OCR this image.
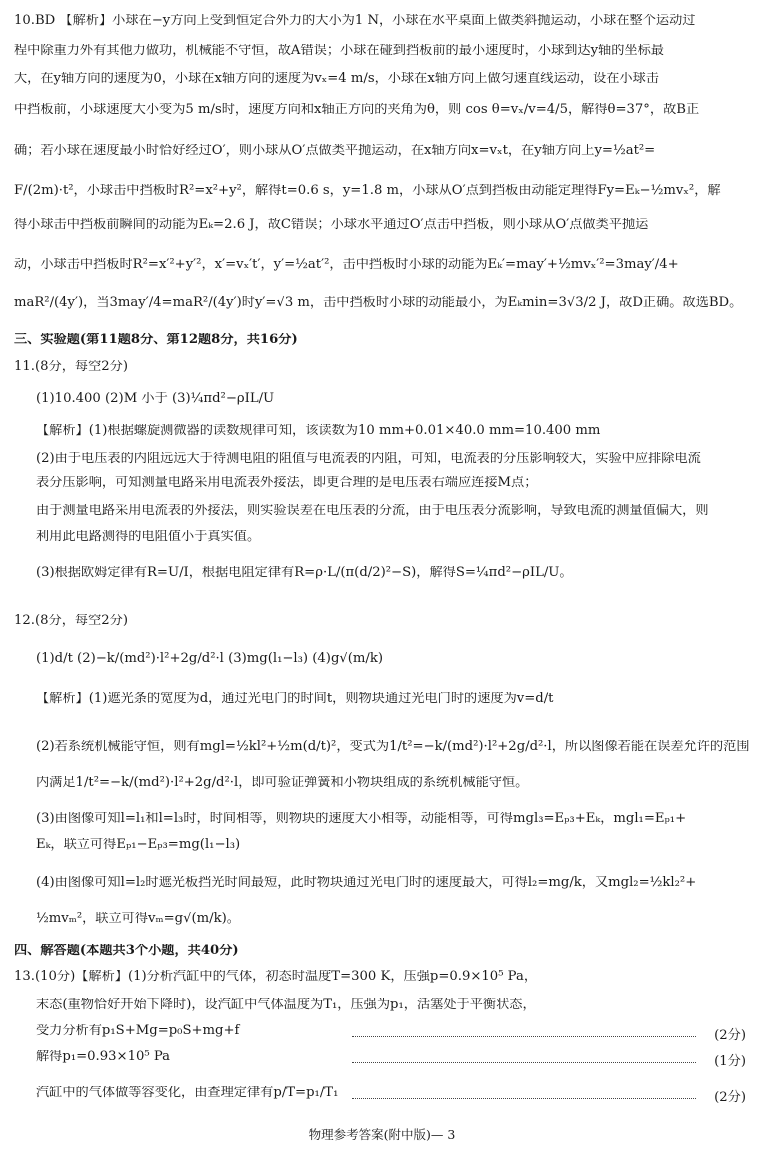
10.BD 【解析】小球在−y方向上受到恒定合外力的大小为1 N，小球在水平桌面上做类斜抛运动，小球在整个运动过
程中除重力外有其他力做功，机械能不守恒，故A错误；小球在碰到挡板前的最小速度时，小球到达y轴的坐标最
大，在y轴方向的速度为0，小球在x轴方向的速度为vₓ=4 m/s，小球在x轴方向上做匀速直线运动，设在小球击
中挡板前，小球速度大小变为5 m/s时，速度方向和x轴正方向的夹角为θ，则 cos θ=vₓ/v=4/5，解得θ=37°，故B正
确；若小球在速度最小时恰好经过O′，则小球从O′点做类平抛运动，在x轴方向x=vₓt，在y轴方向上y=½at²=
F/(2m)·t²，小球击中挡板时R²=x²+y²，解得t=0.6 s，y=1.8 m，小球从O′点到挡板由动能定理得Fy=Eₖ−½mvₓ²，解
得小球击中挡板前瞬间的动能为Eₖ=2.6 J，故C错误；小球水平通过O′点击中挡板，则小球从O′点做类平抛运
动，小球击中挡板时R²=x′²+y′²，x′=vₓ′t′，y′=½at′²，击中挡板时小球的动能为Eₖ′=may′+½mvₓ′²=3may′/4+
maR²/(4y′)，当3may′/4=maR²/(4y′)时y′=√3 m，击中挡板时小球的动能最小，为Eₖmin=3√3/2 J，故D正确。故选BD。
三、实验题(第11题8分、第12题8分，共16分)
11.(8分，每空2分)
(1)10.400 (2)M 小于 (3)¼πd²−ρIL/U
【解析】(1)根据螺旋测微器的读数规律可知，该读数为10 mm+0.01×40.0 mm=10.400 mm
(2)由于电压表的内阻远远大于待测电阻的阻值与电流表的内阻，可知，电流表的分压影响较大，实验中应排除电流
表分压影响，可知测量电路采用电流表外接法，即更合理的是电压表右端应连接M点；
由于测量电路采用电流表的外接法，则实验误差在电压表的分流，由于电压表分流影响，导致电流的测量值偏大，则
利用此电路测得的电阻值小于真实值。
(3)根据欧姆定律有R=U/I，根据电阻定律有R=ρ·L/(π(d/2)²−S)，解得S=¼πd²−ρIL/U。
12.(8分，每空2分)
(1)d/t (2)−k/(md²)·l²+2g/d²·l (3)mg(l₁−l₃) (4)g√(m/k)
【解析】(1)遮光条的宽度为d，通过光电门的时间t，则物块通过光电门时的速度为v=d/t
(2)若系统机械能守恒，则有mgl=½kl²+½m(d/t)²，变式为1/t²=−k/(md²)·l²+2g/d²·l，所以图像若能在误差允许的范围
内满足1/t²=−k/(md²)·l²+2g/d²·l，即可验证弹簧和小物块组成的系统机械能守恒。
(3)由图像可知l=l₁和l=l₃时，时间相等，则物块的速度大小相等，动能相等，可得mgl₃=Eₚ₃+Eₖ，mgl₁=Eₚ₁+
Eₖ，联立可得Eₚ₁−Eₚ₃=mg(l₁−l₃)
(4)由图像可知l=l₂时遮光板挡光时间最短，此时物块通过光电门时的速度最大，可得l₂=mg/k，又mgl₂=½kl₂²+
½mvₘ²，联立可得vₘ=g√(m/k)。
四、解答题(本题共3个小题，共40分)
13.(10分)【解析】(1)分析汽缸中的气体，初态时温度T=300 K，压强p=0.9×10⁵ Pa，
末态(重物恰好开始下降时)，设汽缸中气体温度为T₁，压强为p₁，活塞处于平衡状态，
受力分析有p₁S+Mg=p₀S+mg+f	(2分)
解得p₁=0.93×10⁵ Pa	(1分)
汽缸中的气体做等容变化，由查理定律有p/T=p₁/T₁	(2分)
物理参考答案(附中版)— 3
